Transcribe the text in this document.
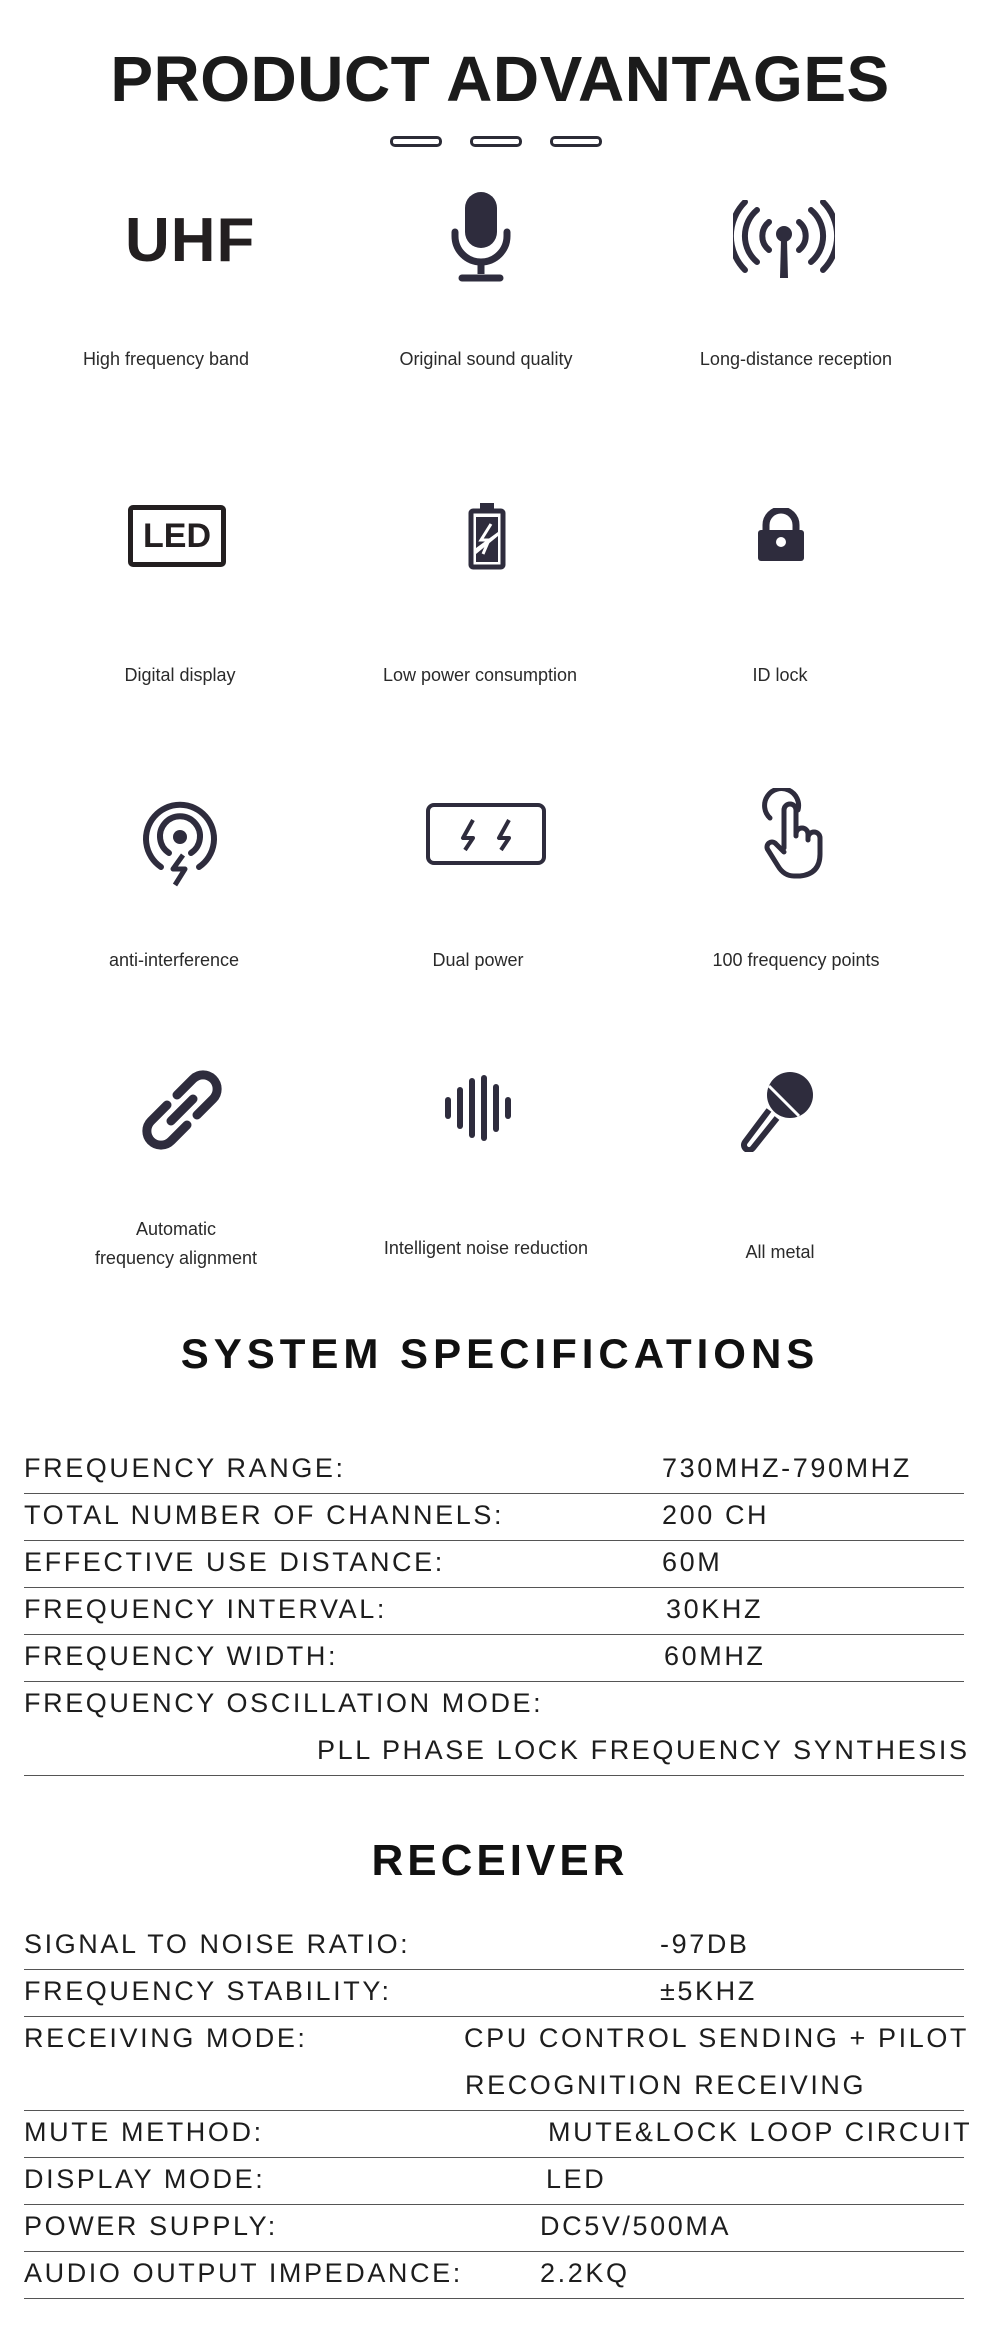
PRODUCT ADVANTAGES
UHF
High frequency band	Original sound quality	Long-distance reception
LED
Digital display	Low power consumption	ID lock
anti-interference	Dual power	100 frequency points
Automatic
frequency alignment	Intelligent noise reduction	All metal
SYSTEM SPECIFICATIONS
FREQUENCY RANGE:	730MHZ-790MHZ
TOTAL NUMBER OF CHANNELS:	200 CH
EFFECTIVE USE DISTANCE:	60M
FREQUENCY INTERVAL:	30KHZ
FREQUENCY WIDTH:	60MHZ
FREQUENCY OSCILLATION MODE:
PLL PHASE LOCK FREQUENCY SYNTHESIS
RECEIVER
SIGNAL TO NOISE RATIO:	-97DB
FREQUENCY STABILITY:	±5KHZ
RECEIVING MODE:	CPU CONTROL SENDING + PILOT
RECOGNITION RECEIVING
MUTE METHOD:	MUTE&LOCK LOOP CIRCUIT
DISPLAY MODE:	LED
POWER SUPPLY:	DC5V/500MA
AUDIO OUTPUT IMPEDANCE:	2.2KQ
